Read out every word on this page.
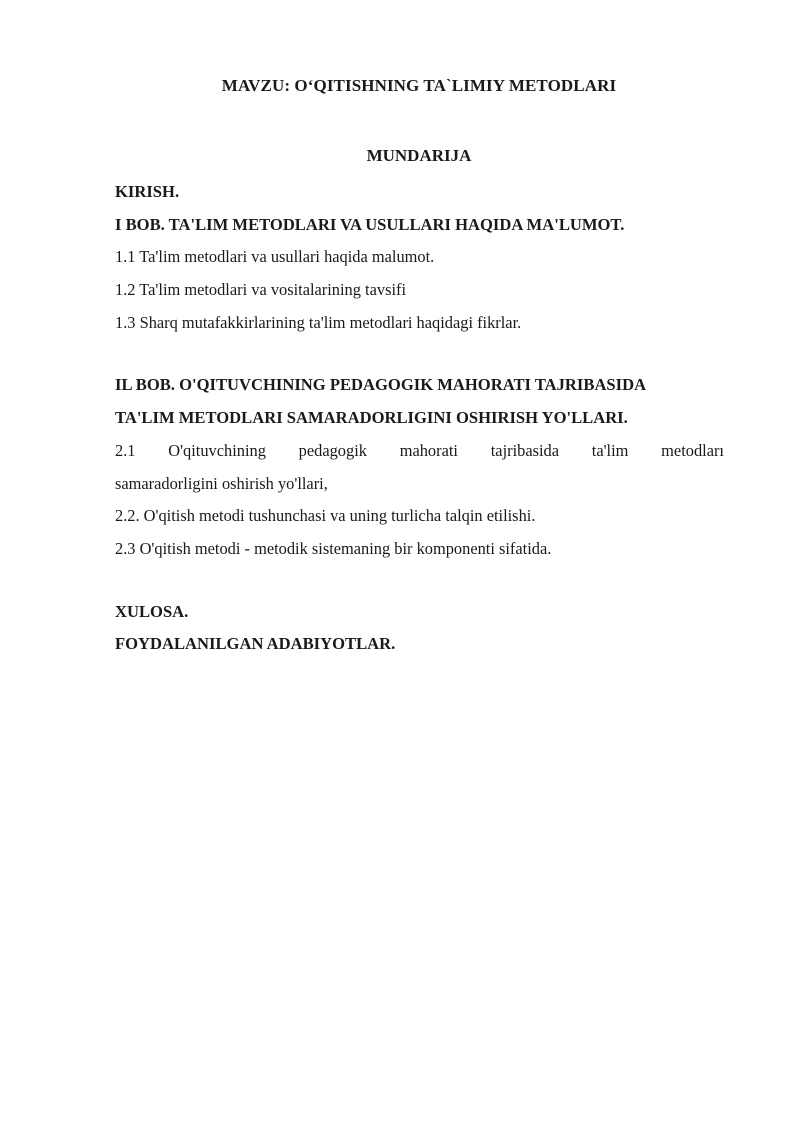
MAVZU: O‘QITISHNING TA`LIMIY METODLARI
MUNDARIJA
KIRISH.
I BOB. TA'LIM METODLARI VA USULLARI HAQIDA MA'LUMOT.
1.1 Ta'lim metodlari va usullari haqida malumot.
1.2 Ta'lim metodlari va vositalarining tavsifi
1.3 Sharq mutafakkirlarining ta'lim metodlari haqidagi fikrlar.
IL BOB. O'QITUVCHINING PEDAGOGIK MAHORATI TAJRIBASIDA
TA'LIM METODLARI SAMARADORLIGINI OSHIRISH YO'LLARI.
2.1 O'qituvchining pedagogik mahorati tajribasida ta'lim metodları
samaradorligini oshirish yo'llari,
2.2. O'qitish metodi tushunchasi va uning turlicha talqin etilishi.
2.3 O'qitish metodi - metodik sistemaning bir komponenti sifatida.
XULOSA.
FOYDALANILGAN ADABIYOTLAR.
